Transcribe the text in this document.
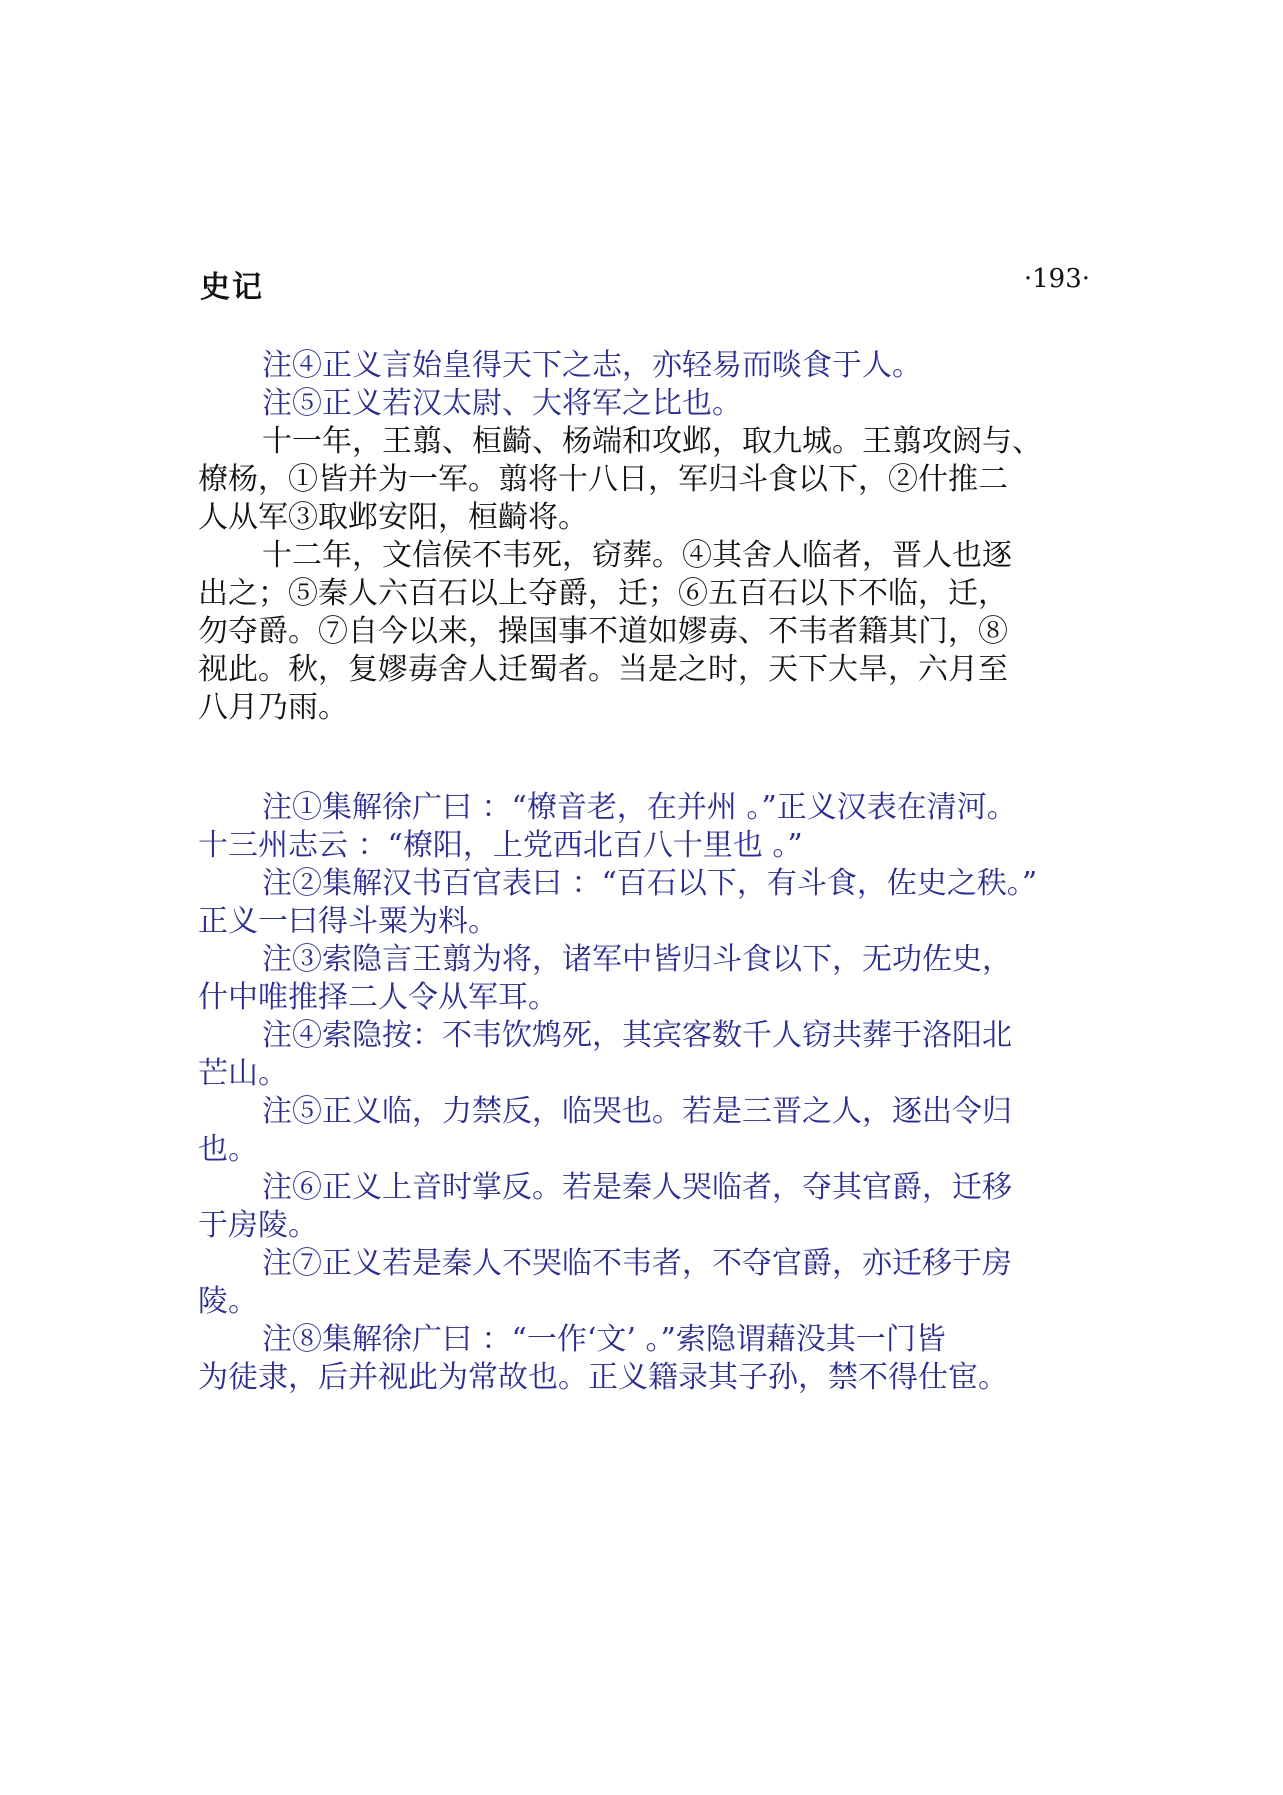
史记	·193·

注④正义言始皇得天下之志，亦轻易而啖食于人。

注⑤正义若汉太尉、大将军之比也。

十一年，王翦、桓齮、杨端和攻邺，取九城。王翦攻阏与、
橑杨，①皆并为一军。翦将十八日，军归斗食以下，②什推二
人从军③取邺安阳，桓齮将。

十二年，文信侯不韦死，窃葬。④其舍人临者，晋人也逐
出之；⑤秦人六百石以上夺爵，迁；⑥五百石以下不临，迁，
勿夺爵。⑦自今以来，操国事不道如嫪毐、不韦者籍其门，⑧
视此。秋，复嫪毐舍人迁蜀者。当是之时，天下大旱，六月至
八月乃雨。

注①集解徐广曰 ：“橑音老，在并州 。”正义汉表在清河。
十三州志云 ：“橑阳，上党西北百八十里也 。”

注②集解汉书百官表曰 ：“百石以下，有斗食，佐史之秩。”
正义一曰得斗粟为料。

注③索隐言王翦为将，诸军中皆归斗食以下，无功佐史，
什中唯推择二人令从军耳。

注④索隐按：不韦饮鸩死，其宾客数千人窃共葬于洛阳北
芒山。

注⑤正义临，力禁反，临哭也。若是三晋之人，逐出令归
也。

注⑥正义上音时掌反。若是秦人哭临者，夺其官爵，迁移
于房陵。

注⑦正义若是秦人不哭临不韦者，不夺官爵，亦迁移于房
陵。

注⑧集解徐广曰 ：“一作‘文’ 。”索隐谓藉没其一门皆
为徒隶，后并视此为常故也。正义籍录其子孙，禁不得仕宦。
